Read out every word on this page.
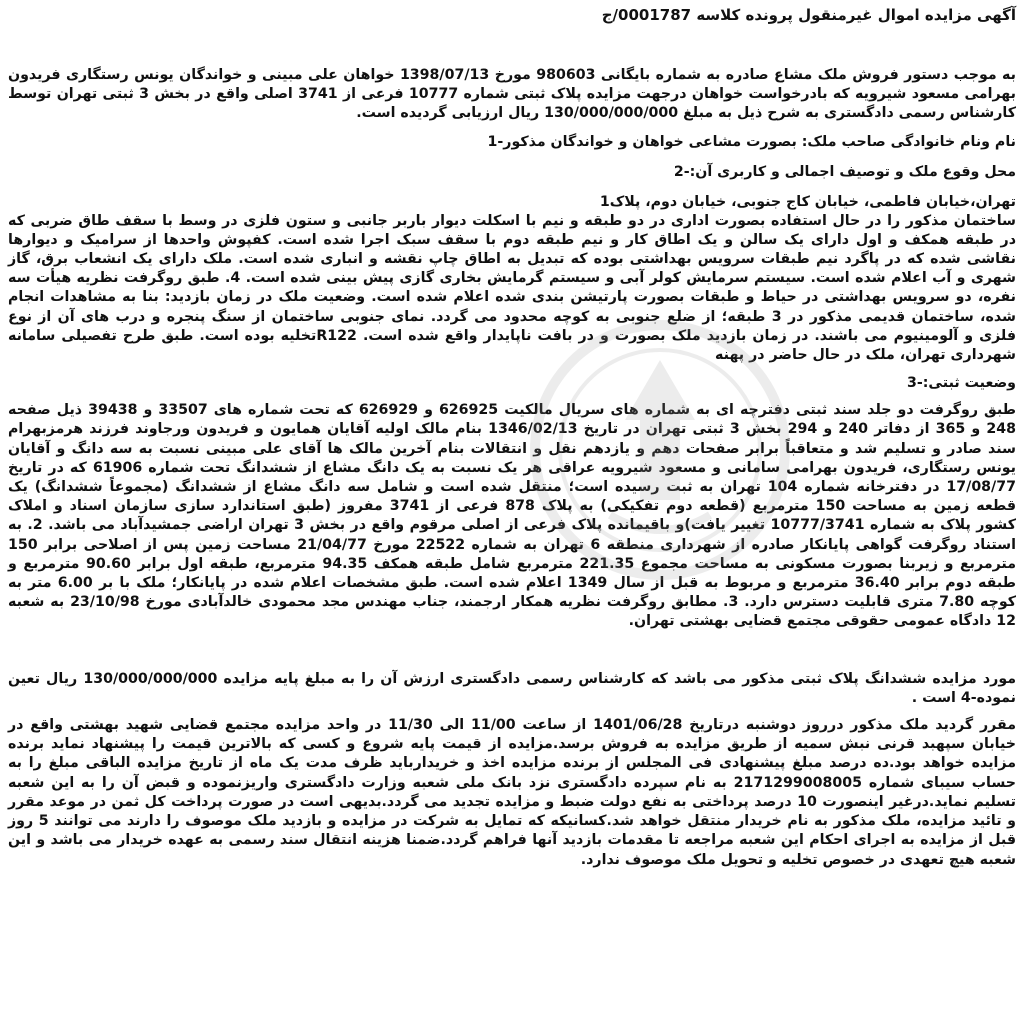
آگهی مزایده اموال غیرمنقول پرونده کلاسه 0001787/ج

به موجب دستور فروش ملک مشاع صادره به شماره بایگانی 980603 مورخ 1398/07/13 خواهان علی مبینی و خواندگان یونس رستگاری فریدون بهرامی مسعود شیرویه که بادرخواست خواهان درجهت مزایده پلاک ثبتی شماره 10777 فرعی از 3741 اصلی واقع در بخش 3 ثبتی تهران توسط کارشناس رسمی دادگستری به شرح ذیل به مبلغ 130/000/000/000 ریال ارزیابی گردیده است.

نام ونام خانوادگی صاحب ملک: بصورت مشاعی خواهان و خواندگان مذکور-1

محل وقوع ملک و توصیف اجمالی و کاربری آن:-2

تهران،خیابان فاطمی، خیابان کاج جنوبی، خیابان دوم، پلاک1

ساختمان مذکور را در حال استفاده بصورت اداری در دو طبقه و نیم با اسکلت دیوار باربر جانبی و ستون فلزی در وسط با سقف طاق ضربی که در طبقه همکف و اول دارای یک سالن و یک اطاق کار و نیم طبقه دوم با سقف سبک اجرا شده است. کفپوش واحدها از سرامیک و دیوارها نقاشی شده که در پاگرد نیم طبقات سرویس بهداشتی بوده که تبدیل به اطاق چاپ نقشه و انباری شده است. ملک دارای یک انشعاب برق، گاز شهری و آب اعلام شده است. سیستم سرمایش کولر آبی و سیستم گرمایش بخاری گازی پیش بینی شده است. 4. طبق روگرفت نظریه هیأت سه نفره، دو سرویس بهداشتی در حیاط و طبقات بصورت پارتیشن بندی شده اعلام شده است. وضعیت ملک در زمان بازدید: بنا به مشاهدات انجام شده، ساختمان قدیمی مذکور در 3 طبقه؛ از ضلع جنوبی به کوچه محدود می گردد. نمای جنوبی ساختمان از سنگ پنجره و درب های آن از نوع فلزی و آلومینیوم می باشند. در زمان بازدید ملک بصورت و در بافت ناپایدار واقع شده است. R122تخلیه بوده است. طبق طرح تفصیلی سامانه شهرداری تهران، ملک در حال حاضر در پهنه

وضعیت ثبتی:-3

طبق روگرفت دو جلد سند ثبتی دفترچه ای به شماره های سریال مالکیت 626925 و 626929 که تحت شماره های 33507 و 39438 ذیل صفحه 248 و 365 از دفاتر 240 و 294 بخش 3 ثبتی تهران در تاریخ 1346/02/13 بنام مالک اولیه آقایان همایون و فریدون ورجاوند فرزند هرمزبهرام سند صادر و تسلیم شد و متعاقباً برابر صفحات دهم و یازدهم نقل و انتقالات بنام آخرین مالک ها آقای علی مبینی نسبت به سه دانگ و آقایان یونس رستگاری، فریدون بهرامی سامانی و مسعود شیرویه عراقی هر یک نسبت به یک دانگ مشاع از ششدانگ تحت شماره 61906 که در تاریخ 17/08/77 در دفترخانه شماره 104 تهران به ثبت رسیده است؛ منتقل شده است و شامل سه دانگ مشاع از ششدانگ (مجموعاً ششدانگ) یک قطعه زمین به مساحت 150 مترمربع (قطعه دوم تفکیکی) به پلاک 878 فرعی از 3741 مفروز (طبق استاندارد سازی سازمان اسناد و املاک کشور پلاک به شماره 10777/3741 تغییر یافت)و باقیمانده پلاک فرعی از اصلی مرقوم واقع در بخش 3 تهران اراضی جمشیدآباد می باشد. 2. به استناد روگرفت گواهی پایانکار صادره از شهرداری منطقه 6 تهران به شماره 22522 مورخ 21/04/77 مساحت زمین پس از اصلاحی برابر 150 مترمربع و زیربنا بصورت مسکونی به مساحت مجموع 221.35 مترمربع شامل طبقه همکف 94.35 مترمربع، طبقه اول برابر 90.60 مترمربع و طبقه دوم برابر 36.40 مترمربع و مربوط به قبل از سال 1349 اعلام شده است. طبق مشخصات اعلام شده در پایانکار؛ ملک با بر 6.00 متر به کوچه 7.80 متری قابلیت دسترس دارد. 3. مطابق روگرفت نظریه همکار ارجمند، جناب مهندس مجد محمودی خالدآبادی مورخ 23/10/98 به شعبه 12 دادگاه عمومی حقوقی مجتمع قضایی بهشتی تهران.

مورد مزایده ششدانگ پلاک ثبتی مذکور می باشد که کارشناس رسمی دادگستری ارزش آن را به مبلغ پایه مزایده 130/000/000/000 ریال تعین نموده-4 است .

مقرر گردید ملک مذکور درروز دوشنبه درتاریخ 1401/06/28 از ساعت 11/00 الی 11/30 در واحد مزایده مجتمع قضایی شهید بهشتی واقع در خیابان سپهبد قرنی نبش سمیه از طریق مزایده به فروش برسد.مزایده از قیمت پایه شروع و کسی که بالاترین قیمت را پیشنهاد نماید برنده مزایده خواهد بود.ده درصد مبلغ پیشنهادی فی المجلس از برنده مزایده اخذ و خریداربايد ظرف مدت یک ماه از تاریخ مزایده الباقی مبلغ را به حساب سیبای شماره 2171299008005 به نام سپرده دادگستری نزد بانک ملی شعبه وزارت دادگستری واریزنموده و قبض آن را به این شعبه تسلیم نماید.درغیر اینصورت 10 درصد پرداختی به نفع دولت ضبط و مزایده تجدید می گردد.بدیهی است در صورت پرداخت کل ثمن در موعد مقرر و تائید مزایده، ملک مذکور به نام خریدار منتقل خواهد شد.کسانیکه که تمایل به شرکت در مزایده و بازدید ملک موصوف را دارند می توانند 5 روز قبل از مزایده به اجرای احکام این شعبه مراجعه تا مقدمات بازدید آنها فراهم گردد.ضمنا هزینه انتقال سند رسمی به عهده خریدار می باشد و این شعبه هیچ تعهدی در خصوص تخلیه و تحویل ملک موصوف ندارد.
